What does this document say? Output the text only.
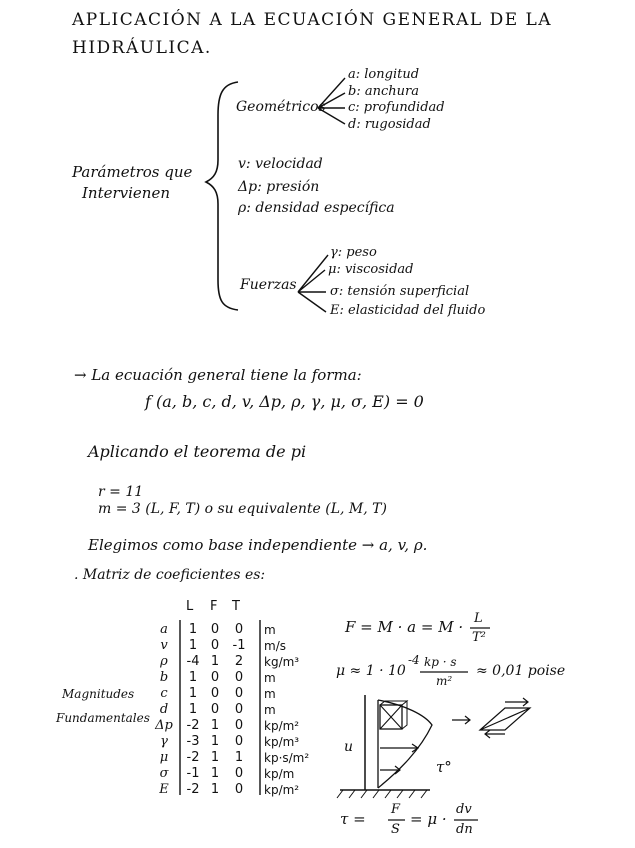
APLICACIÓN A LA ECUACIÓN GENERAL DE LA
HIDRÁULICA.
Parámetros que
Intervienen
Geométricos
a: longitud
b: anchura
c: profundidad
d: rugosidad
v: velocidad
Δp: presión
ρ: densidad específica
Fuerzas
γ: peso
μ: viscosidad
σ: tensión superficial
E: elasticidad del fluido
→ La ecuación general tiene la forma:
f (a, b, c, d, v, Δp, ρ, γ, μ, σ, E) = 0
Aplicando el teorema de pi
r = 11
m = 3 (L, F, T) o su equivalente (L, M, T)
Elegimos como base independiente → a, v, ρ.
. Matriz de coeficientes es:
L F T
Magnitudes
Fundamentales
a
v
ρ
b
c
d
Δp
γ
μ
σ
E
1
1
-4
1
1
1
-2
-3
-2
-1
-2
0
0
1
0
0
0
1
1
1
1
1
0
-1
2
0
0
0
0
0
1
0
0
m
m/s
kg/m³
m
m
m
kp/m²
kp/m³
kp·s/m²
kp/m
kp/m²
F = M · a = M · L
T²
μ ≈ 1 · 10
-4 kp · s
m²
≈ 0,01 poise
u
τ°
τ =
F
S
= μ ·
dv
dn
